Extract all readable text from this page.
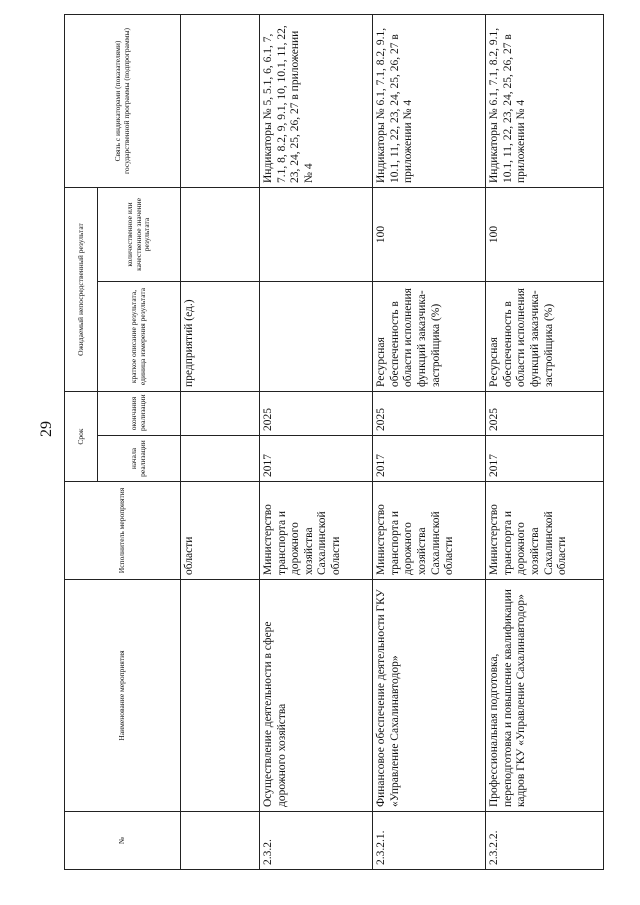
29
№	Наименование мероприятия	Исполнитель мероприятия	Срок		Ожидаемый непосредственный результат		Связь с индикаторами (показателями) государственной программы (подпрограммы)
			начала реализации	окончания реализации	краткое описание результата, единица измерения результата	количественное или качественное значение результата	
		области			предприятий (ед.)		
2.3.2.	Осуществление деятельности в сфере дорожного хозяйства	Министерство транспорта и дорожного хозяйства Сахалинской области	2017	2025			Индикаторы № 5, 5.1, 6, 6.1, 7, 7.1, 8, 8.2, 9, 9.1, 10, 10.1, 11, 22, 23, 24, 25, 26, 27 в приложении № 4
2.3.2.1.	Финансовое обеспечение деятельности ГКУ «Управление Сахалинавтодор»	Министерство транспорта и дорожного хозяйства Сахалинской области	2017	2025	Ресурсная обеспеченность в области исполнения функций заказчика-застройщика (%)	100	Индикаторы № 6.1, 7.1, 8.2, 9.1, 10.1, 11, 22, 23, 24, 25, 26, 27 в приложении № 4
2.3.2.2.	Профессиональная подготовка, переподготовка и повышение квалификации кадров ГКУ «Управление Сахалинавтодор»	Министерство транспорта и дорожного хозяйства Сахалинской области	2017	2025	Ресурсная обеспеченность в области исполнения функций заказчика-застройщика (%)	100	Индикаторы № 6.1, 7.1, 8.2, 9.1, 10.1, 11, 22, 23, 24, 25, 26, 27 в приложении № 4
